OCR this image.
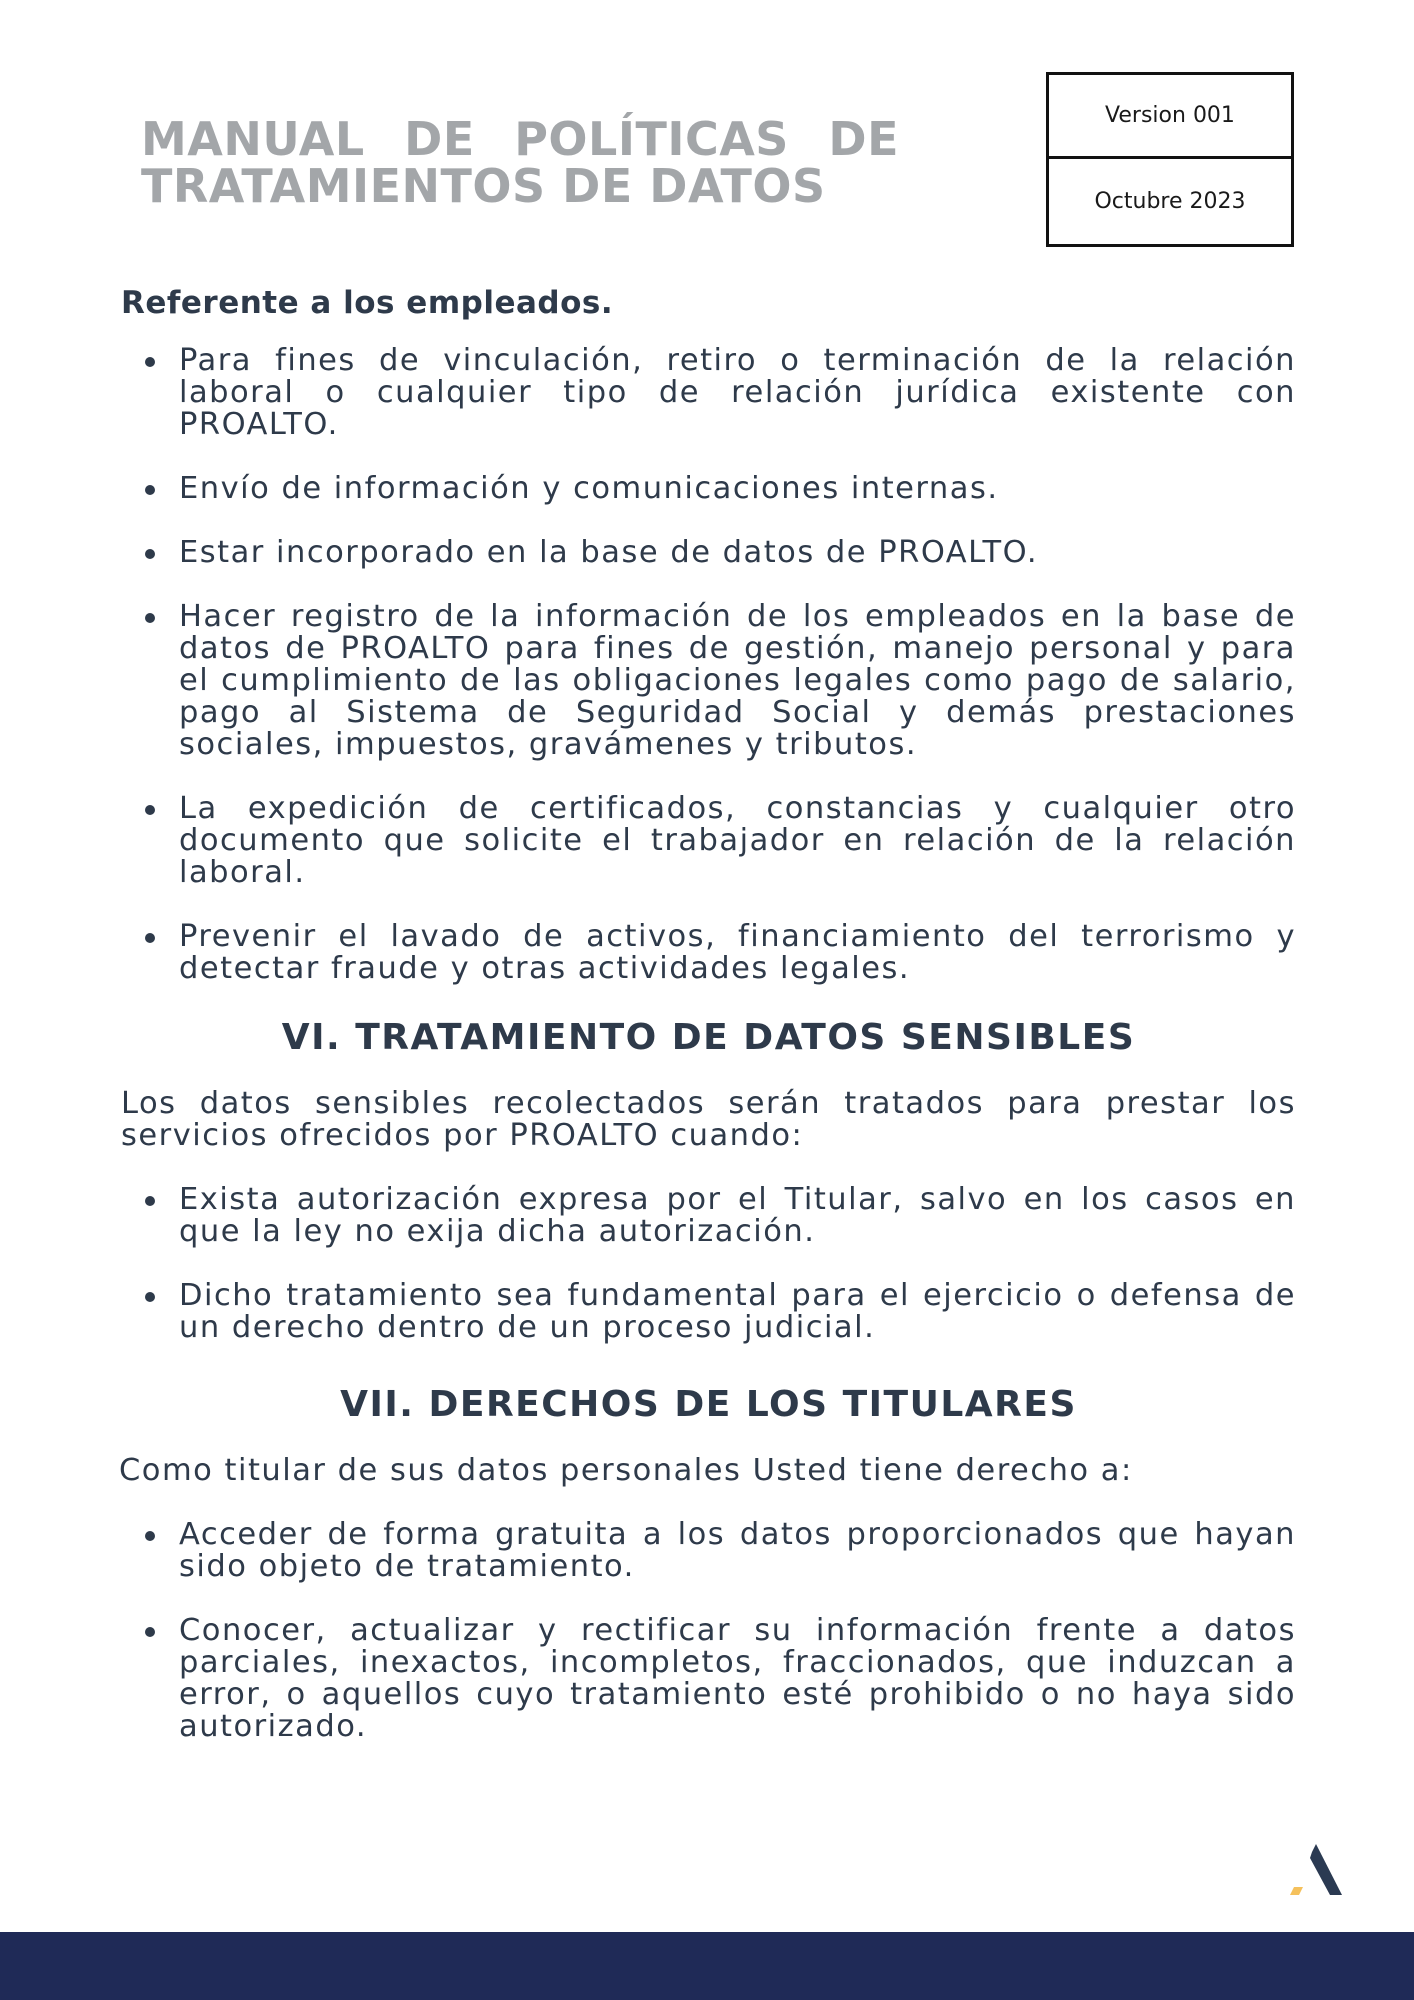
MANUAL DE POLÍTICAS DE TRATAMIENTOS DE DATOS
Version 001
Octubre 2023
Referente a los empleados.
Para fines de vinculación, retiro o terminación de la relación laboral o cualquier tipo de relación jurídica existente con PROALTO.
Envío de información y comunicaciones internas.
Estar incorporado en la base de datos de PROALTO.
Hacer registro de la información de los empleados en la base de datos de PROALTO para fines de gestión, manejo personal y para el cumplimiento de las obligaciones legales como pago de salario, pago al Sistema de Seguridad Social y demás prestaciones sociales, impuestos, gravámenes y tributos.
La expedición de certificados, constancias y cualquier otro documento que solicite el trabajador en relación de la relación laboral.
Prevenir el lavado de activos, financiamiento del terrorismo y detectar fraude y otras actividades legales.
VI. TRATAMIENTO DE DATOS SENSIBLES

Los datos sensibles recolectados serán tratados para prestar los servicios ofrecidos por PROALTO cuando:

Exista autorización expresa por el Titular, salvo en los casos en que la ley no exija dicha autorización.
Dicho tratamiento sea fundamental para el ejercicio o defensa de un derecho dentro de un proceso judicial.
VII. DERECHOS DE LOS TITULARES

Como titular de sus datos personales Usted tiene derecho a:

Acceder de forma gratuita a los datos proporcionados que hayan sido objeto de tratamiento.
Conocer, actualizar y rectificar su información frente a datos parciales, inexactos, incompletos, fraccionados, que induzcan a error, o aquellos cuyo tratamiento esté prohibido o no haya sido autorizado.
